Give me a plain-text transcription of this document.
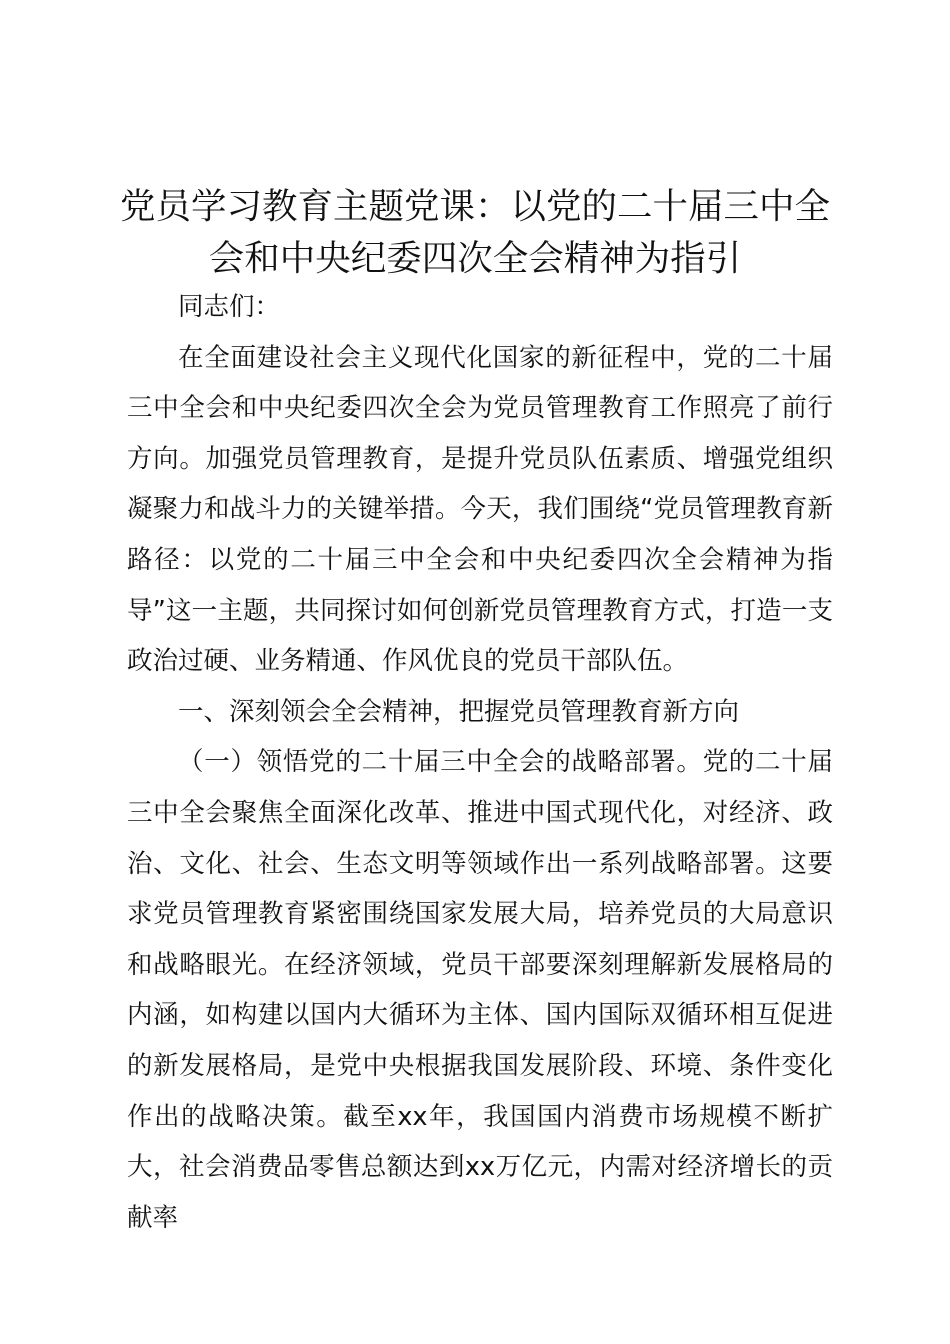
党员学习教育主题党课：以党的二十届三中全
会和中央纪委四次全会精神为指引

同志们：

在全面建设社会主义现代化国家的新征程中，党的二十届三中全会和中央纪委四次全会为党员管理教育工作照亮了前行方向。加强党员管理教育，是提升党员队伍素质、增强党组织凝聚力和战斗力的关键举措。今天，我们围绕“党员管理教育新路径：以党的二十届三中全会和中央纪委四次全会精神为指导”这一主题，共同探讨如何创新党员管理教育方式，打造一支政治过硬、业务精通、作风优良的党员干部队伍。

一、深刻领会全会精神，把握党员管理教育新方向

（一）领悟党的二十届三中全会的战略部署。党的二十届三中全会聚焦全面深化改革、推进中国式现代化，对经济、政治、文化、社会、生态文明等领域作出一系列战略部署。这要求党员管理教育紧密围绕国家发展大局，培养党员的大局意识和战略眼光。在经济领域，党员干部要深刻理解新发展格局的内涵，如构建以国内大循环为主体、国内国际双循环相互促进的新发展格局，是党中央根据我国发展阶段、环境、条件变化作出的战略决策。截至xx年，我国国内消费市场规模不断扩大，社会消费品零售总额达到xx万亿元，内需对经济增长的贡献率
